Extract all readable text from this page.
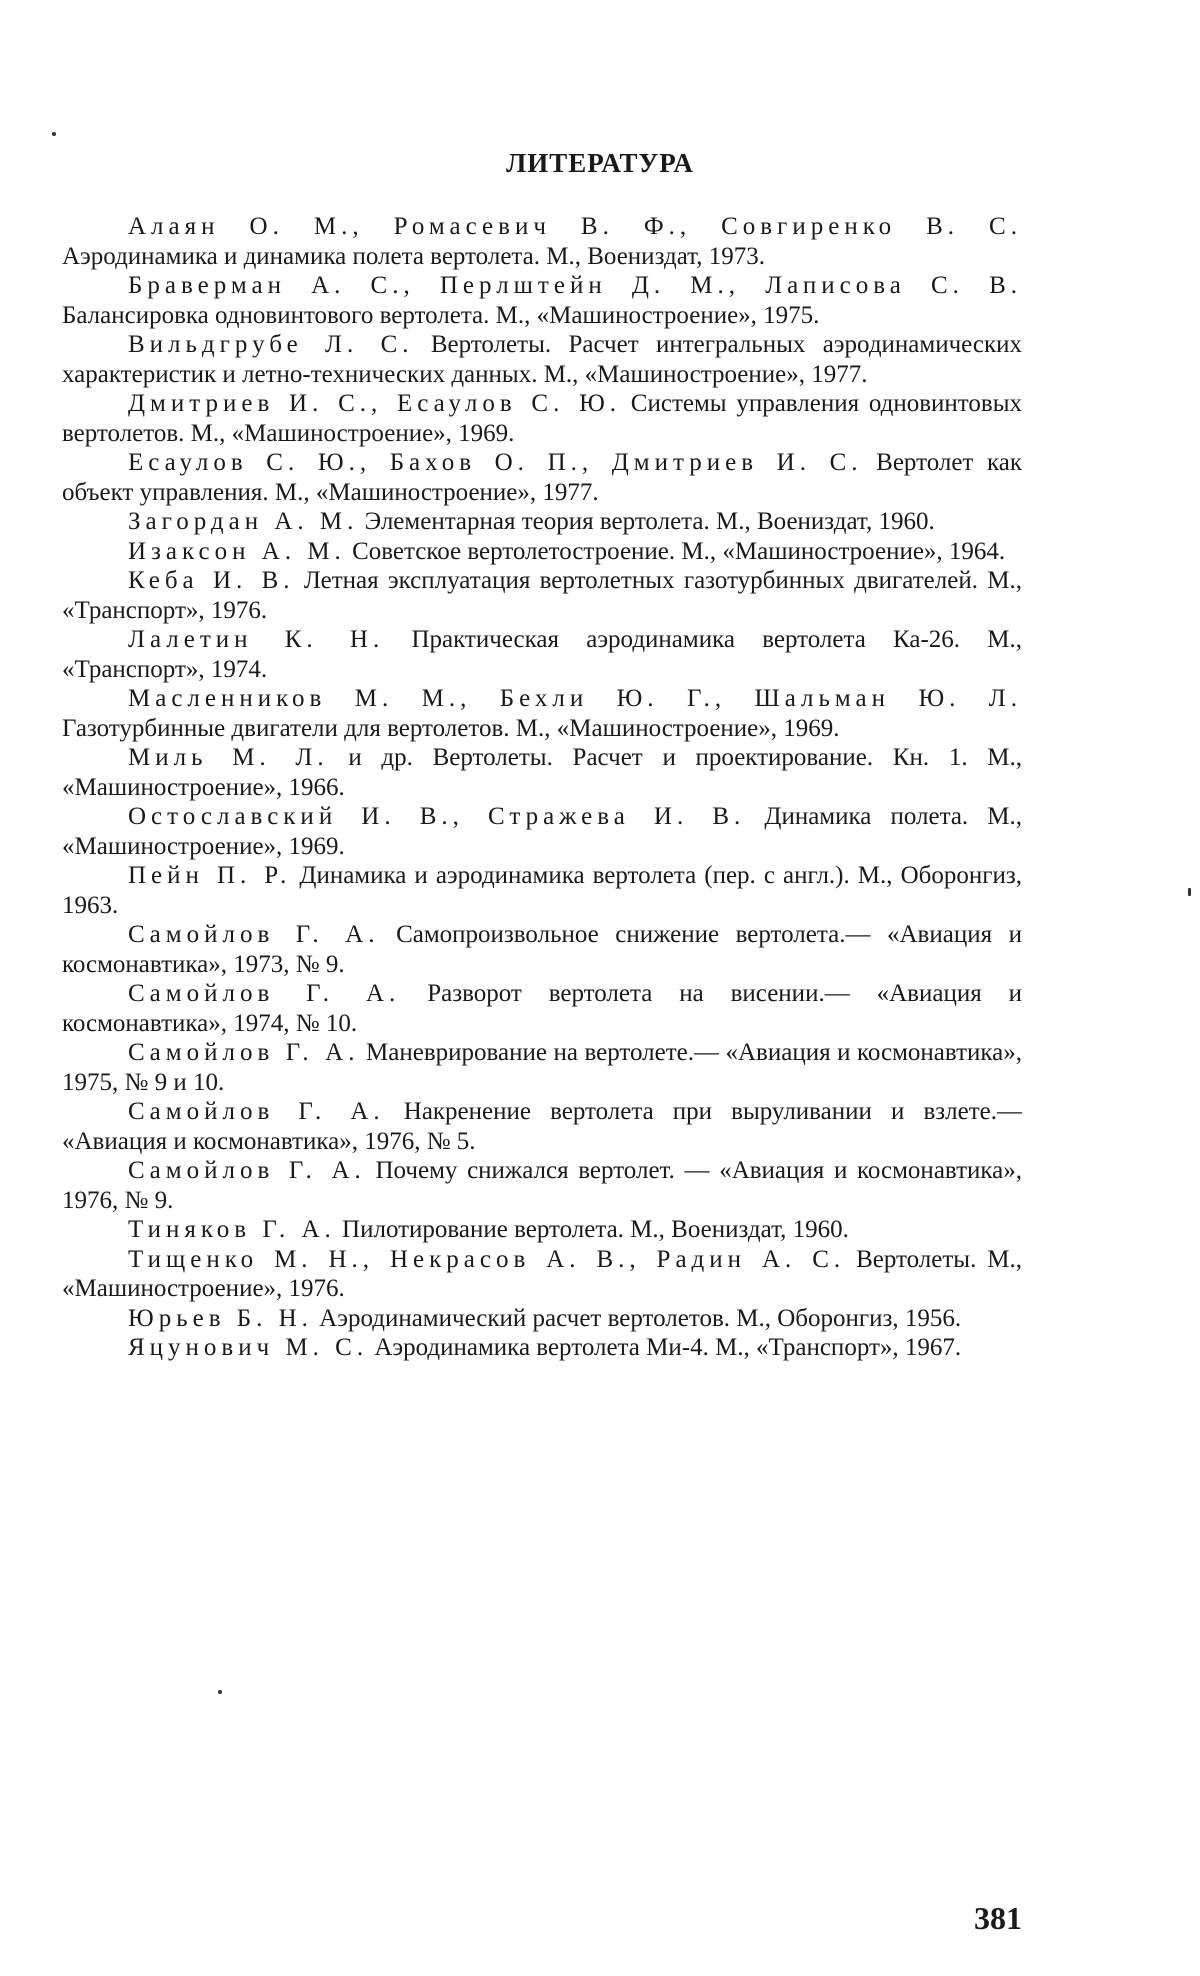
ЛИТЕРАТУРА
Алаян О. М., Ромасевич В. Ф., Совгиренко В. С. Аэродинамика и динамика полета вертолета. М., Воениздат, 1973.
Браверман А. С., Перлштейн Д. М., Лаписова С. В. Балансировка одновинтового вертолета. М., «Машиностроение», 1975.
Вильдгрубе Л. С. Вертолеты. Расчет интегральных аэродинамических характеристик и летно-технических данных. М., «Машиностроение», 1977.
Дмитриев И. С., Есаулов С. Ю. Системы управления одновинтовых вертолетов. М., «Машиностроение», 1969.
Есаулов С. Ю., Бахов О. П., Дмитриев И. С. Вертолет как объект управления. М., «Машиностроение», 1977.
Загордан А. М. Элементарная теория вертолета. М., Воениздат, 1960.
Изаксон А. М. Советское вертолетостроение. М., «Машиностроение», 1964.
Кеба И. В. Летная эксплуатация вертолетных газотурбинных двигателей. М., «Транспорт», 1976.
Лалетин К. Н. Практическая аэродинамика вертолета Ка-26. М., «Транспорт», 1974.
Масленников М. М., Бехли Ю. Г., Шальман Ю. Л. Газотурбинные двигатели для вертолетов. М., «Машиностроение», 1969.
Миль М. Л. и др. Вертолеты. Расчет и проектирование. Кн. 1. М., «Машиностроение», 1966.
Остославский И. В., Стражева И. В. Динамика полета. М., «Машиностроение», 1969.
Пейн П. Р. Динамика и аэродинамика вертолета (пер. с англ.). М., Оборонгиз, 1963.
Самойлов Г. А. Самопроизвольное снижение вертолета.— «Авиация и космонавтика», 1973, № 9.
Самойлов Г. А. Разворот вертолета на висении.— «Авиация и космонавтика», 1974, № 10.
Самойлов Г. А. Маневрирование на вертолете.— «Авиация и космонавтика», 1975, № 9 и 10.
Самойлов Г. А. Накренение вертолета при выруливании и взлете.— «Авиация и космонавтика», 1976, № 5.
Самойлов Г. А. Почему снижался вертолет. — «Авиация и космонавтика», 1976, № 9.
Тиняков Г. А. Пилотирование вертолета. М., Воениздат, 1960.
Тищенко М. Н., Некрасов А. В., Радин А. С. Вертолеты. М., «Машиностроение», 1976.
Юрьев Б. Н. Аэродинамический расчет вертолетов. М., Оборонгиз, 1956.
Яцунович М. С. Аэродинамика вертолета Ми-4. М., «Транспорт», 1967.
381
